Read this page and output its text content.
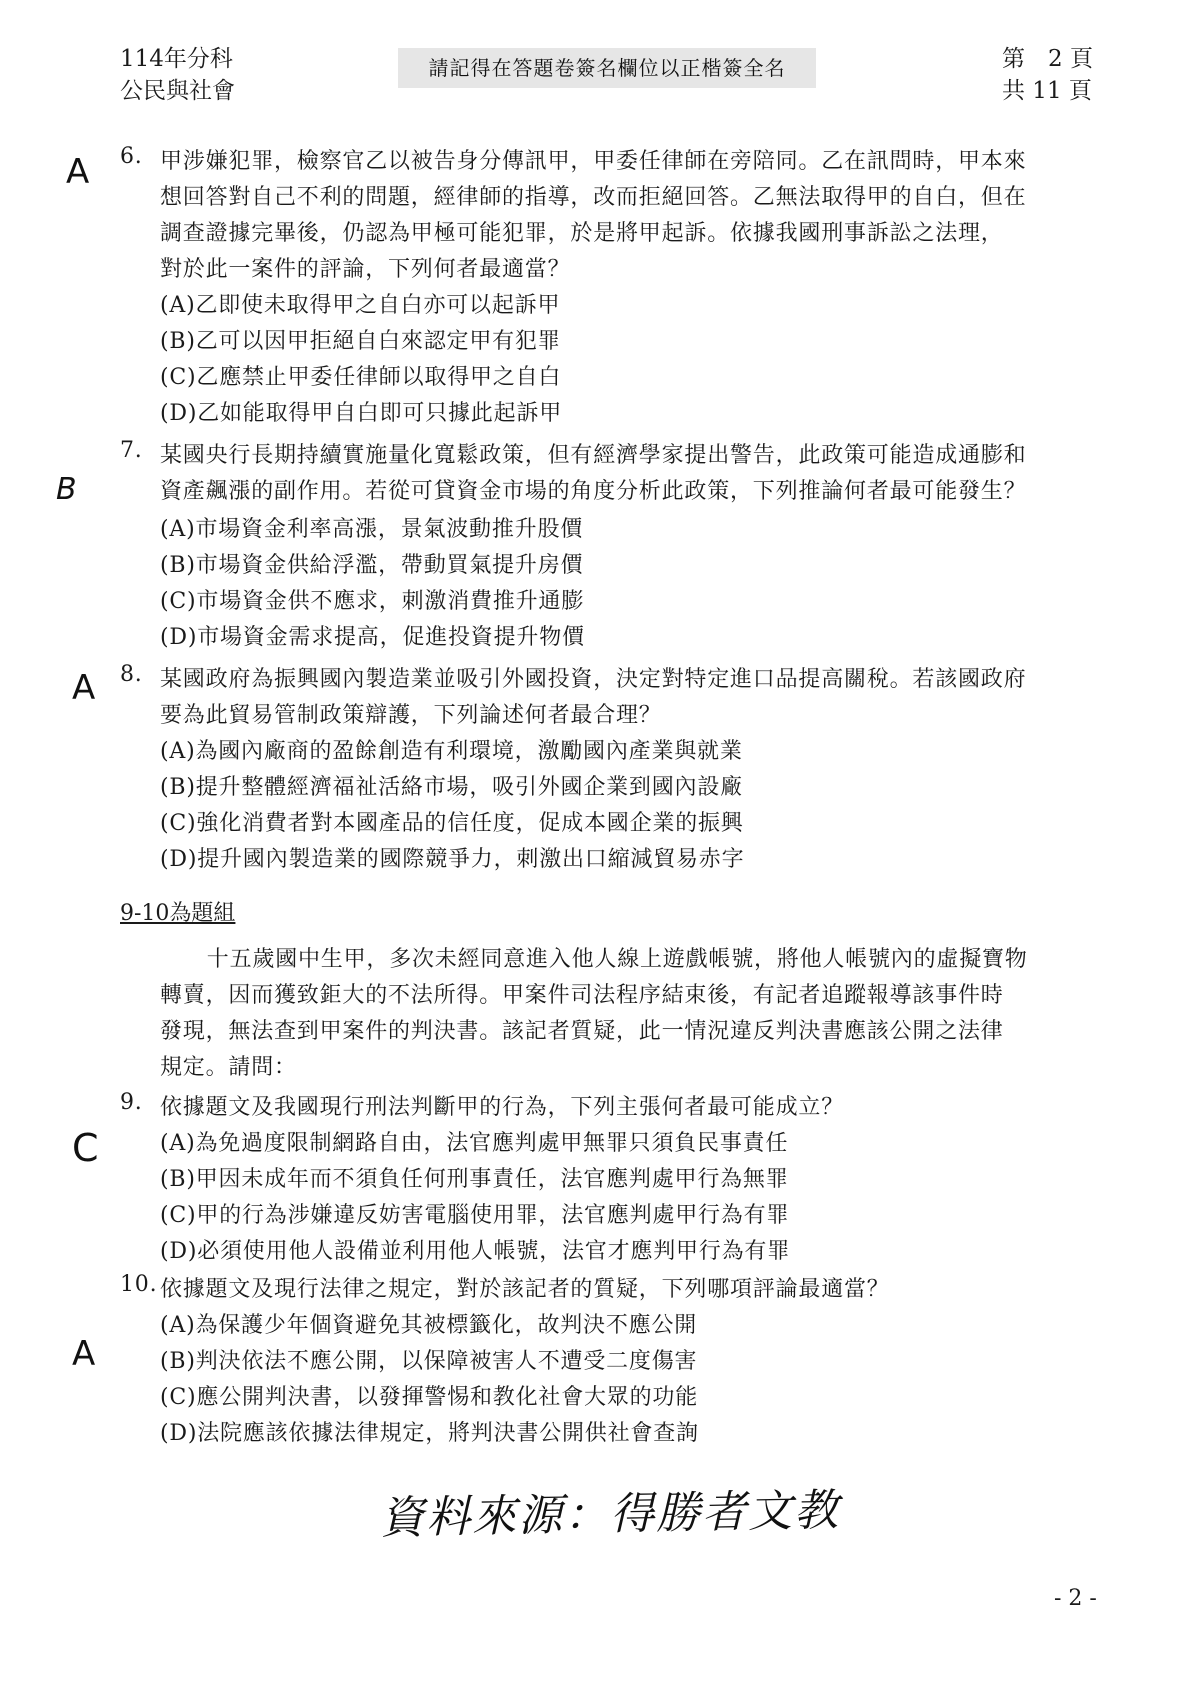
114年分科
公民與社會
請記得在答題卷簽名欄位以正楷簽全名	第　2 頁
共 11 頁
A 6. 甲涉嫌犯罪，檢察官乙以被告身分傳訊甲，甲委任律師在旁陪同。乙在訊問時，甲本來
想回答對自己不利的問題，經律師的指導，改而拒絕回答。乙無法取得甲的自白，但在
調查證據完畢後，仍認為甲極可能犯罪，於是將甲起訴。依據我國刑事訴訟之法理，
對於此一案件的評論，下列何者最適當？
(A)乙即使未取得甲之自白亦可以起訴甲
(B)乙可以因甲拒絕自白來認定甲有犯罪
(C)乙應禁止甲委任律師以取得甲之自白
(D)乙如能取得甲自白即可只據此起訴甲
B
7. 某國央行長期持續實施量化寬鬆政策，但有經濟學家提出警告，此政策可能造成通膨和
資產飆漲的副作用。若從可貸資金市場的角度分析此政策，下列推論何者最可能發生？
(A)市場資金利率高漲，景氣波動推升股價
(B)市場資金供給浮濫，帶動買氣提升房價
(C)市場資金供不應求，刺激消費推升通膨
(D)市場資金需求提高，促進投資提升物價
A 8. 某國政府為振興國內製造業並吸引外國投資，決定對特定進口品提高關稅。若該國政府
要為此貿易管制政策辯護，下列論述何者最合理？
(A)為國內廠商的盈餘創造有利環境，激勵國內產業與就業
(B)提升整體經濟福祉活絡市場，吸引外國企業到國內設廠
(C)強化消費者對本國產品的信任度，促成本國企業的振興
(D)提升國內製造業的國際競爭力，刺激出口縮減貿易赤字
9-10為題組
　十五歲國中生甲，多次未經同意進入他人線上遊戲帳號，將他人帳號內的虛擬寶物
轉賣，因而獲致鉅大的不法所得。甲案件司法程序結束後，有記者追蹤報導該事件時
發現，無法查到甲案件的判決書。該記者質疑，此一情況違反判決書應該公開之法律
規定。請問：
C
9. 依據題文及我國現行刑法判斷甲的行為，下列主張何者最可能成立？
(A)為免過度限制網路自由，法官應判處甲無罪只須負民事責任
(B)甲因未成年而不須負任何刑事責任，法官應判處甲行為無罪
(C)甲的行為涉嫌違反妨害電腦使用罪，法官應判處甲行為有罪
(D)必須使用他人設備並利用他人帳號，法官才應判甲行為有罪
A
10. 依據題文及現行法律之規定，對於該記者的質疑，下列哪項評論最適當？
(A)為保護少年個資避免其被標籤化，故判決不應公開
(B)判決依法不應公開，以保障被害人不遭受二度傷害
(C)應公開判決書，以發揮警惕和教化社會大眾的功能
(D)法院應該依據法律規定，將判決書公開供社會查詢
資料來源：得勝者文教
- 2 -
